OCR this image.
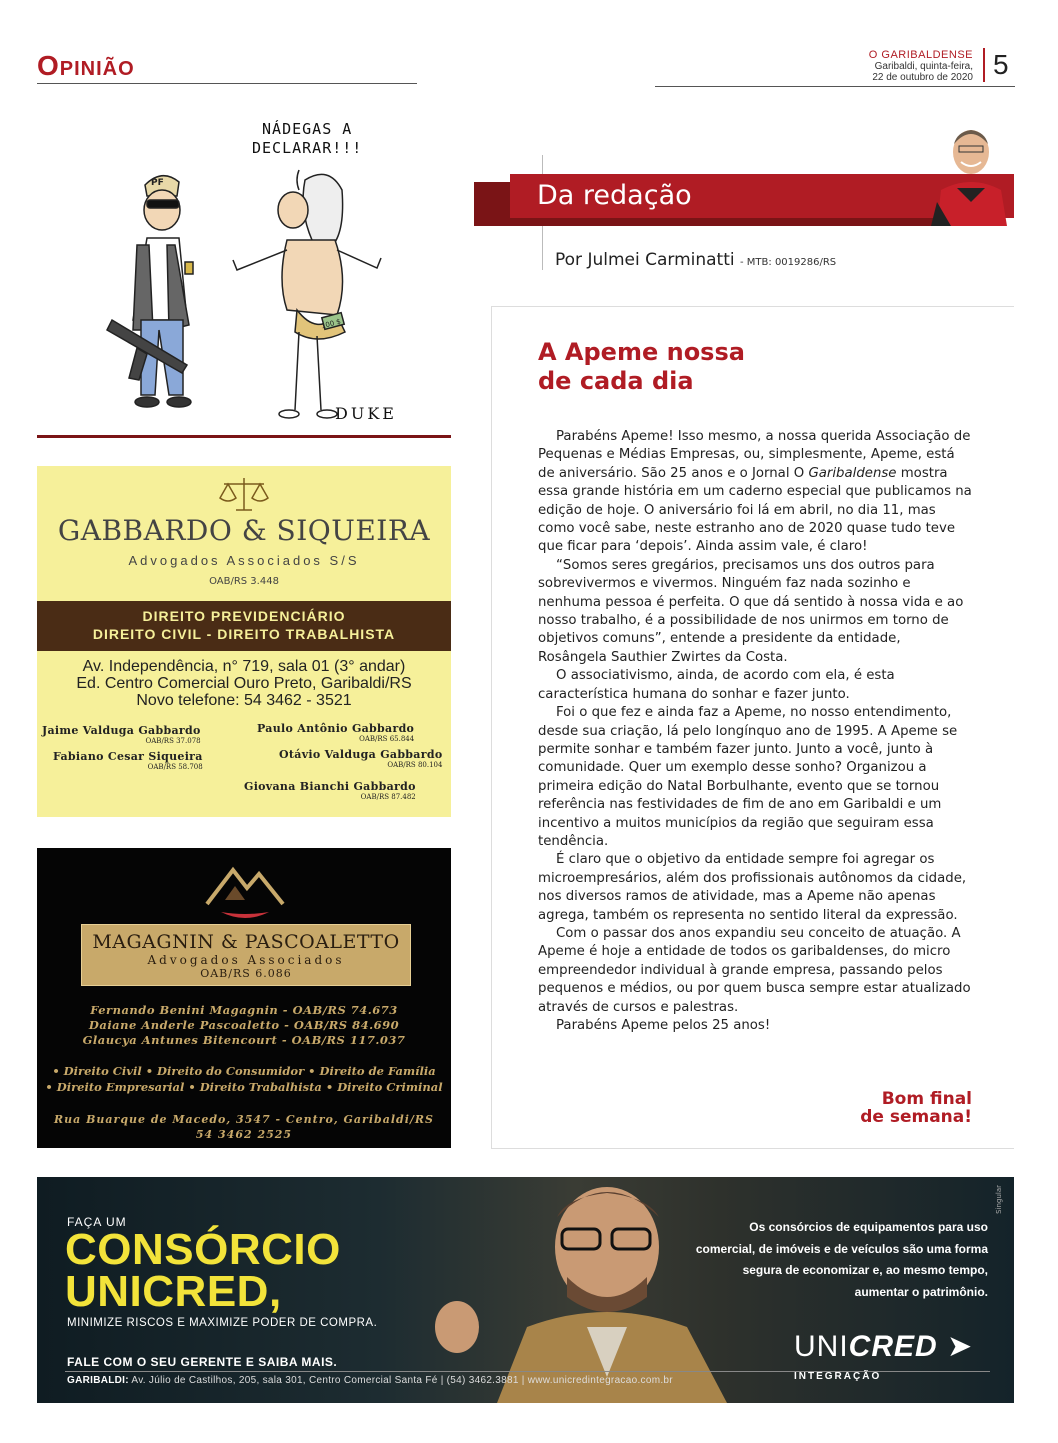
Opinião	O GARIBALDENSE
Garibaldi, quinta-feira,
22 de outubro de 2020 5
NÁDEGAS A
DECLARAR!!!
PF
100 $
DUKE
GABBARDO & SIQUEIRA
Advogados Associados S/S
OAB/RS 3.448
DIREITO PREVIDENCIÁRIO
DIREITO CIVIL - DIREITO TRABALHISTA
Av. Independência, n° 719, sala 01 (3° andar)
Ed. Centro Comercial Ouro Preto, Garibaldi/RS
Novo telefone: 54 3462 - 3521
Jaime Valduga Gabbardo
OAB/RS 37.078
Paulo Antônio Gabbardo
OAB/RS 65.844
Fabiano Cesar Siqueira
OAB/RS 58.708
Otávio Valduga Gabbardo
OAB/RS 80.104
Giovana Bianchi Gabbardo
OAB/RS 87.482
MAGAGNIN & PASCOALETTO
Advogados Associados
OAB/RS 6.086
Fernando Benini Magagnin - OAB/RS 74.673
Daiane Anderle Pascoaletto - OAB/RS 84.690
Glaucya Antunes Bitencourt - OAB/RS 117.037
• Direito Civil • Direito do Consumidor • Direito de Família
• Direito Empresarial • Direito Trabalhista • Direito Criminal
Rua Buarque de Macedo, 3547 - Centro, Garibaldi/RS
54 3462 2525
Da redação
Por Julmei Carminatti - MTB: 0019286/RS
A Apeme nossa
de cada dia

Parabéns Apeme! Isso mesmo, a nossa querida Associação de Pequenas e Médias Empresas, ou, simplesmente, Apeme, está de aniversário. São 25 anos e o Jornal O Garibaldense mostra essa grande história em um caderno especial que publicamos na edição de hoje. O aniversário foi lá em abril, no dia 11, mas como você sabe, neste estranho ano de 2020 quase tudo teve que ficar para ‘depois’. Ainda assim vale, é claro!

“Somos seres gregários, precisamos uns dos outros para sobrevivermos e vivermos. Ninguém faz nada sozinho e nenhuma pessoa é perfeita. O que dá sentido à nossa vida e ao nosso trabalho, é a possibilidade de nos unirmos em torno de objetivos comuns”, entende a presidente da entidade, Rosângela Sauthier Zwirtes da Costa.

O associativismo, ainda, de acordo com ela, é esta característica humana do sonhar e fazer junto.

Foi o que fez e ainda faz a Apeme, no nosso entendimento, desde sua criação, lá pelo longínquo ano de 1995. A Apeme se permite sonhar e também fazer junto. Junto a você, junto à comunidade. Quer um exemplo desse sonho? Organizou a primeira edição do Natal Borbulhante, evento que se tornou referência nas festividades de fim de ano em Garibaldi e um incentivo a muitos municípios da região que seguiram essa tendência.

É claro que o objetivo da entidade sempre foi agregar os microempresários, além dos profissionais autônomos da cidade, nos diversos ramos de atividade, mas a Apeme não apenas agrega, também os representa no sentido literal da expressão.

Com o passar dos anos expandiu seu conceito de atuação. A Apeme é hoje a entidade de todos os garibaldenses, do micro empreendedor individual à grande empresa, passando pelos pequenos e médios, ou por quem busca sempre estar atualizado através de cursos e palestras.

Parabéns Apeme pelos 25 anos!

Bom final
de semana!
FAÇA UM
CONSÓRCIO
UNICRED,
MINIMIZE RISCOS E MAXIMIZE PODER DE COMPRA.
FALE COM O SEU GERENTE E SAIBA MAIS.
GARIBALDI: Av. Júlio de Castilhos, 205, sala 301, Centro Comercial Santa Fé | (54) 3462.3881 | www.unicredintegracao.com.br
Os consórcios de equipamentos para uso comercial, de imóveis e de veículos são uma forma segura de economizar e, ao mesmo tempo, aumentar o patrimônio.
UNICRED ➤
INTEGRAÇÃO
Singular
